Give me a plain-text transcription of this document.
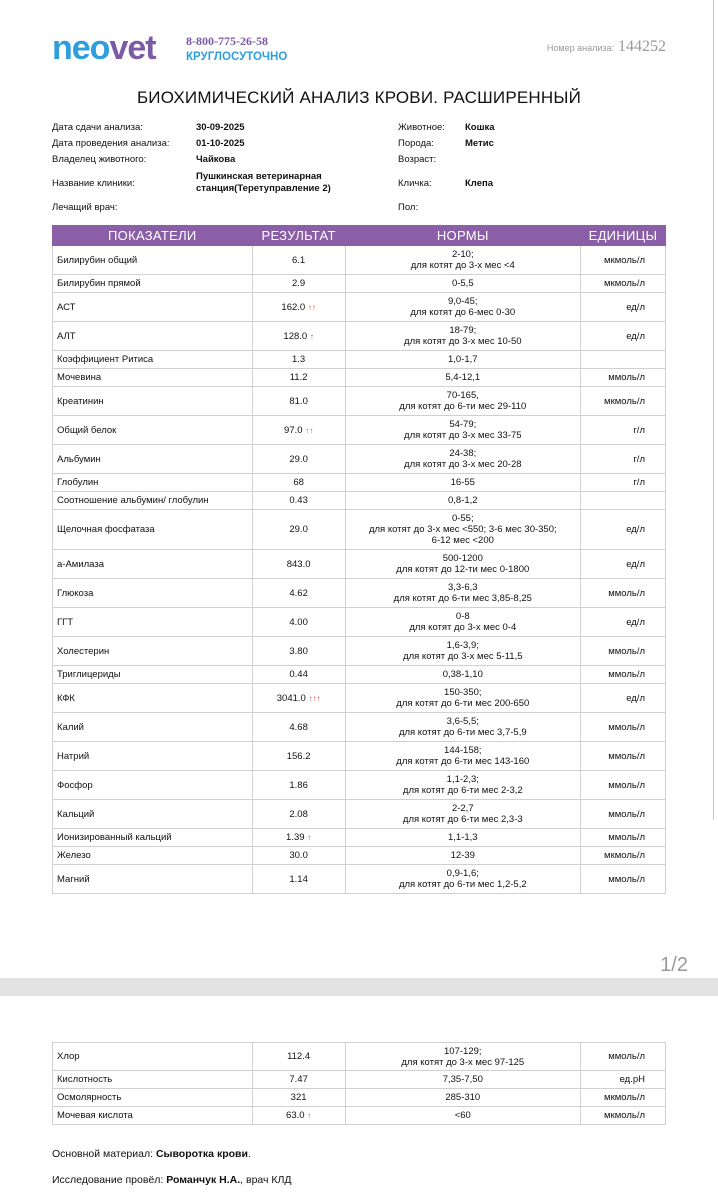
neovet	8-800-775-26-58
КРУГЛОСУТОЧНО
Номер анализа: 144252
БИОХИМИЧЕСКИЙ АНАЛИЗ КРОВИ. РАСШИРЕННЫЙ
Дата сдачи анализа:	30-09-2025
Дата проведения анализа:	01-10-2025
Владелец животного:	Чайкова
Название клиники:
Пушкинская ветеринарная станция(Теретуправление 2)
Лечащий врач:
Животное: Кошка
Порода:	Метис
Возраст:
Кличка:	Клепа
Пол:
ПОКАЗАТЕЛИ	РЕЗУЛЬТАТ	НОРМЫ	ЕДИНИЦЫ
Билирубин общий	6.1	2-10;
для котят до 3-х мес <4	мкмоль/л
Билирубин прямой	2.9	0-5,5	мкмоль/л
АСТ	162.0 ↑↑	9,0-45;
для котят до 6-мес 0-30	ед/л
АЛТ	128.0 ↑	18-79;
для котят до 3-х мес 10-50	ед/л
Коэффициент Ритиса	1.3	1,0-1,7	

Мочевина	11.2	5,4-12,1	ммоль/л
Креатинин	81.0	70-165,
для котят до 6-ти мес 29-110	мкмоль/л
Общий белок	97.0 ↑↑	54-79;
для котят до 3-х мес 33-75	г/л
Альбумин	29.0	24-38;
для котят до 3-х мес 20-28	г/л
Глобулин	68	16-55	г/л
Соотношение альбумин/ глобулин	0.43	0,8-1,2	

Щелочная фосфатаза	29.0	0-55;
для котят до 3-х мес <550; 3-6 мес 30-350;
6-12 мес <200	ед/л
а-Амилаза	843.0	500-1200
для котят до 12-ти мес 0-1800	ед/л
Глюкоза	4.62	3,3-6,3
для котят до 6-ти мес 3,85-8,25	ммоль/л
ГГТ	4.00	0-8
для котят до 3-х мес 0-4	ед/л
Холестерин	3.80	1,6-3,9;
для котят до 3-х мес 5-11,5	ммоль/л
Триглицериды	0.44	0,38-1,10	ммоль/л
КФК	3041.0 ↑↑↑	150-350;
для котят до 6-ти мес 200-650	ед/л
Калий	4.68	3,6-5,5;
для котят до 6-ти мес 3,7-5,9	ммоль/л
Натрий	156.2	144-158;
для котят до 6-ти мес 143-160	ммоль/л
Фосфор	1.86	1,1-2,3;
для котят до 6-ти мес 2-3,2	ммоль/л
Кальций	2.08	2-2,7
для котят до 6-ти мес 2,3-3	ммоль/л
Ионизированный кальций	1.39 ↑	1,1-1,3	ммоль/л
Железо	30.0	12-39	мкмоль/л
Магний	1.14	0,9-1,6;
для котят до 6-ти мес 1,2-5,2	ммоль/л
1/2
Хлор	112.4	107-129;
для котят до 3-х мес 97-125	ммоль/л
Кислотность	7.47	7,35-7,50	ед.рН
Осмолярность	321	285-310	мкмоль/л
Мочевая кислота	63.0 ↑	<60	мкмоль/л
Основной материал: Сыворотка крови.
Исследование провёл: Романчук Н.А., врач КЛД
